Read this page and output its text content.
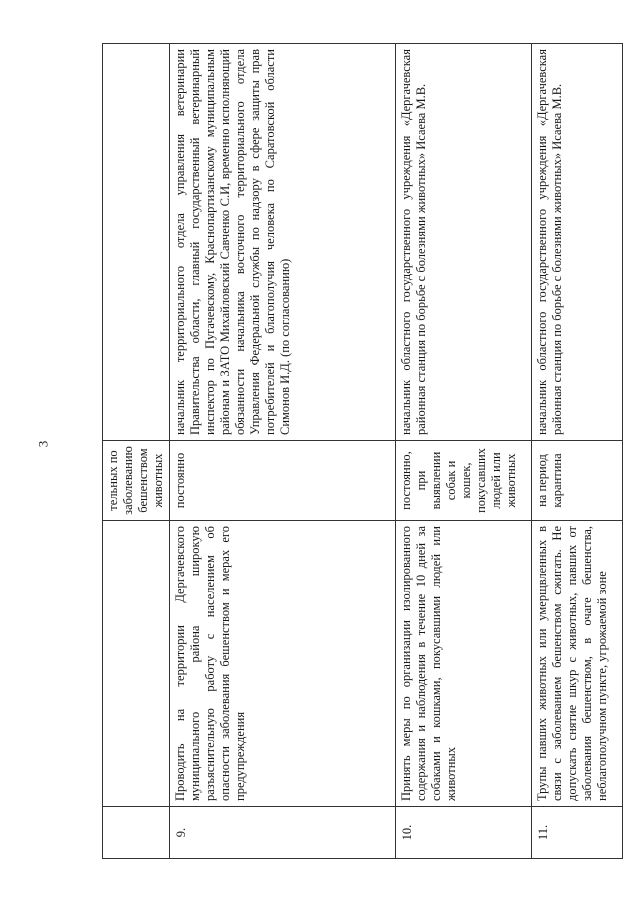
3
		тельных по заболеванию бешенством животных	
9.	Проводить на территории Дергачевского муниципального района широкую разъяснительную работу с населением об опасности заболевания бешенством и мерах его предупреждения	постоянно	начальник территориального отдела управления ветеринарии Правительства области, главный государственный ветеринарный инспектор по Пугачевскому, Краснопартизанскому муниципальным районам и ЗАТО Михайловский Савченко С.И, временно исполняющий обязанности начальника восточного территориального отдела Управления Федеральной службы по надзору в сфере защиты прав потребителей и благополучия человека по Саратовской области Симонов И.Д. (по согласованию)
10.	Принять меры по организации изолированного содержания и наблюдения в течение 10 дней за собаками и кошками, покусавшими людей или животных	постоянно, при выявлении собак и кошек, покусавших людей или животных	начальник областного государственного учреждения «Дергачевская районная станция по борьбе с болезнями животных» Исаева М.В.
11.	Трупы павших животных или умерщвленных в связи с заболеванием бешенством сжигать. Не допускать снятие шкур с животных, павших от заболевания бешенством, в очаге бешенства, неблагополучном пункте, угрожаемой зоне	на период карантина	начальник областного государственного учреждения «Дергачевская районная станция по борьбе с болезнями животных» Исаева М.В.
